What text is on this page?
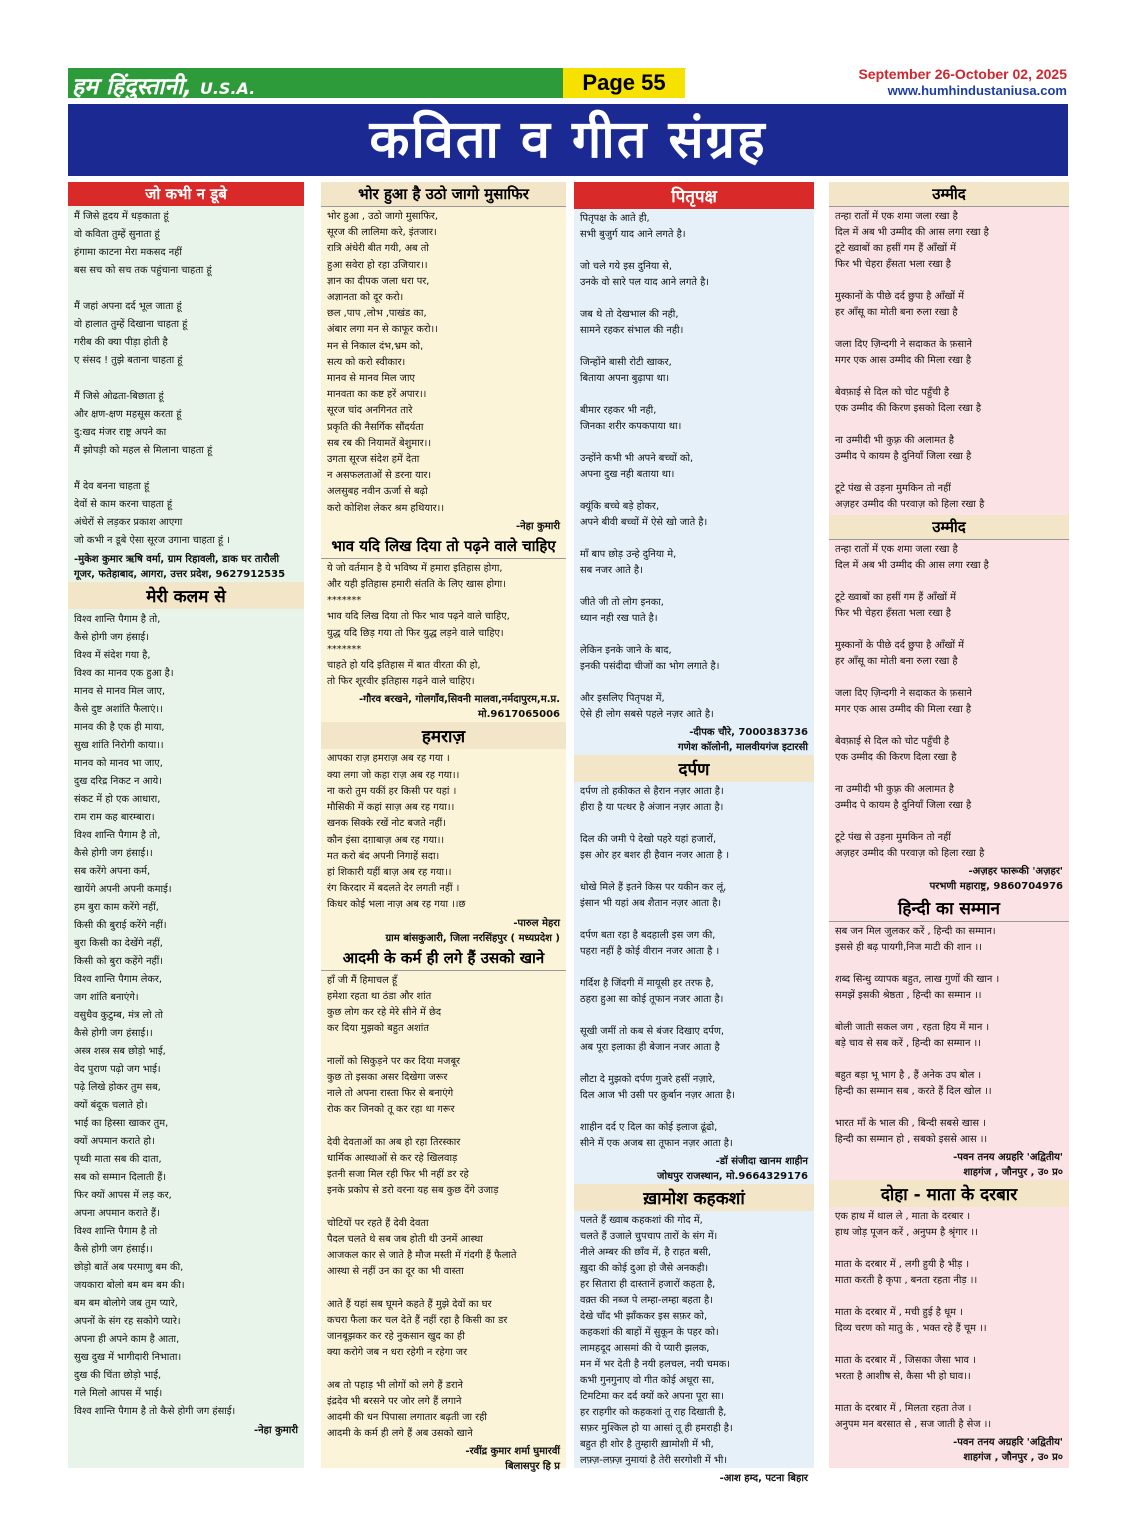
हम हिंदुस्तानी, U.S.A.	Page 55	September 26-October 02, 2025
www.humhindustaniusa.com
कविता व गीत संग्रह
जो कभी न डूबे
मैं जिसे हृदय में धड़काता हूं
वो कविता तुम्हें सुनाता हूं
हंगामा काटना मेरा मकसद नहीं
बस सच को सच तक पहुंचाना चाहता हूं

मैं जहां अपना दर्द भूल जाता हूं
वो हालात तुम्हें दिखाना चाहता हूं
गरीब की क्या पीड़ा होती है
ए संसद ! तुझे बताना चाहता हूं

मैं जिसे ओढता-बिछाता हूं
और क्षण-क्षण महसूस करता हूं
दु:खद मंजर राष्ट्र अपने का
मैं झोपड़ी को महल से मिलाना चाहता हूं

मैं देव बनना चाहता हूं
देवों से काम करना चाहता हूं
अंधेरों से लड़कर प्रकाश आएगा
जो कभी न डूबे ऐसा सूरज उगाना चाहता हूं ।
-मुकेश कुमार ऋषि वर्मा, ग्राम रिहावली, डाक घर तारौली गूजर, फतेहाबाद, आगरा, उत्तर प्रदेश, 9627912535
मेरी कलम से
विश्व शान्ति पैगाम है तो,
कैसे होगी जग हंसाई।
विश्व में संदेश गया है,
विश्व का मानव एक हुआ है।
मानव से मानव मिल जाए,
कैसे दुष्ट अशांति फैलाएं।।
मानव की है एक ही माया,
सुख शांति निरोगी काया।।
मानव को मानव भा जाए,
दुख दरिद्र निकट न आये।
संकट में हो एक आधारा,
राम राम कह बारम्बारा।
विश्व शान्ति पैगाम है तो,
कैसे होगी जग हंसाई।।
सब करेंगे अपना कर्म,
खायेंगे अपनी अपनी कमाई।
हम बुरा काम करेंगे नहीं,
किसी की बुराई करेंगे नहीं।
बुरा किसी का देखेंगे नहीं,
किसी को बुरा कहेंगे नहीं।
विश्व शान्ति पैगाम लेकर,
जग शांति बनाएंगे।
वसुधैव कुटुम्ब, मंत्र लो तो
कैसे होगी जग हंसाई।।
अस्त्र शस्त्र सब छोड़ो भाई,
वेद पुराण पढ़ो जग भाई।
पढ़े लिखे होकर तुम सब,
क्यों बंदूक चलाते हो।
भाई का हिस्सा खाकर तुम,
क्यों अपमान कराते हो।
पृथ्वी माता सब की दाता,
सब को सम्मान दिलाती हैं।
फिर क्यों आपस में लड़ कर,
अपना अपमान कराते हैं।
विश्व शान्ति पैगाम है तो
कैसे होगी जग हंसाई।।
छोड़ो बातें अब परमाणु बम की,
जयकारा बोलो बम बम बम की।
बम बम बोलोगे जब तुम प्यारे,
अपनों के संग रह सकोगे प्यारे।
अपना ही अपने काम है आता,
सुख दुख में भागीदारी निभाता।
दुख की चिंता छोड़ो भाई,
गले मिलो आपस में भाई।
विश्व शान्ति पैगाम है तो कैसे होगी जग हंसाई।
-नेहा कुमारी
भोर हुआ है उठो जागो मुसाफिर
भोर हुआ , उठो जागो मुसाफिर,
सूरज की लालिमा करे, इंतजार।
रात्रि अंधेरी बीत गयी, अब तो
हुआ सवेरा हो रहा उजियार।।
ज्ञान का दीपक जला धरा पर,
अज्ञानता को दूर करो।
छल ,पाप ,लोभ ,पाखंड का,
अंबार लगा मन से काफूर करो।।
मन से निकाल दंभ,भ्रम को,
सत्य को करो स्वीकार।
मानव से मानव मिल जाए
मानवता का कष्ट हरें अपार।।
सूरज चांद अनगिनत तारे
प्रकृति की नैसर्गिक सौंदर्यता
सब रब की नियामतें बेशुमार।।
उगता सूरज संदेश हमें देता
न असफलताओं से डरना यार।
अलसुबह नवीन ऊर्जा से बढ़ो
करो कोशिश लेकर श्रम हथियार।।
-नेहा कुमारी
भाव यदि लिख दिया तो पढ़ने वाले चाहिए
ये जो वर्तमान है ये भविष्य में हमारा इतिहास होगा,
और यही इतिहास हमारी संतति के लिए खास होगा।
*******
भाव यदि लिख दिया तो फिर भाव पढ़ने वाले चाहिए,
युद्ध यदि छिड़ गया तो फिर युद्ध लड़ने वाले चाहिए।
*******
चाहते हो यदि इतिहास में बात वीरता की हो,
तो फिर शूरवीर इतिहास गढ़ने वाले चाहिए।
-गौरव बरखने, गोलगाँव,सिवनी मालवा,नर्मदापुरम,म.प्र. मो.9617065006
हमराज़
आपका राज़ हमराज़ अब रह गया ।
क्या लगा जो कहा राज़ अब रह गया।।
ना करो तुम यकीं हर किसी पर यहां ।
मौसिकी में कहां साज़ अब रह गया।।
खनक सिक्के रखें नोट बजते नहीं।
कौन इंसा दग़ाबाज़ अब रह गया।।
मत करो बंद अपनी निगाहें सदा।
हां शिकारी यहीं बाज़ अब रह गया।।
रंग किरदार में बदलते देर लगती नहीं ।
किधर कोई भला नाज़ अब रह गया ।।छ
-पारुल मेहरा
ग्राम बांसकुआरी, जिला नरसिंहपुर ( मध्यप्रदेश )
आदमी के कर्म ही लगे हैं उसको खाने
हाँ जी मैं हिमाचल हूँ
हमेशा रहता था ठंडा और शांत
कुछ लोग कर रहे मेरे सीने में छेद
कर दिया मुझको बहुत अशांत

नालों को सिकुड़ने पर कर दिया मजबूर
कुछ तो इसका असर दिखेगा जरूर
नाले तो अपना रास्ता फिर से बनाएंगे
रोक कर जिनको तू कर रहा था गरूर

देवी देवताओं का अब हो रहा तिरस्कार
धार्मिक आस्थाओं से कर रहे खिलवाड़
इतनी सजा मिल रही फिर भी नहीं डर रहे
इनके प्रकोप से डरो वरना यह सब कुछ देंगे उजाड़

चोटियों पर रहते हैं देवी देवता
पैदल चलते थे सब जब होती थी उनमें आस्था
आजकल कार से जाते है मौज मस्ती में गंदगी हैं फैलाते
आस्था से नहीं उन का दूर का भी वास्ता

आते हैं यहां सब घूमने कहते हैं मुझे देवों का घर
कचरा फैला कर चल देते हैं नहीं रहा है किसी का डर
जानबूझकर कर रहे नुकसान खुद का ही
क्या करोगे जब न धरा रहेगी न रहेगा जर

अब तो पहाड़ भी लोगों को लगे हैं डराने
इंद्रदेव भी बरसने पर जोर लगे हैं लगाने
आदमी की धन पिपासा लगातार बढ़ती जा रही
आदमी के कर्म ही लगे हैं अब उसको खाने
-रवींद्र कुमार शर्मा घुमारवीं
बिलासपुर हि प्र
पितृपक्ष
पितृपक्ष के आते ही,
सभी बुजुर्ग याद आने लगते है।

जो चले गये इस दुनिया से,
उनके वो सारे पल याद आने लगते है।

जब थे तो देखभाल की नही,
सामने रहकर संभाल की नही।

जिन्होंने बासी रोटी खाकर,
बिताया अपना बुढ़ापा था।

बीमार रहकर भी नही,
जिनका शरीर कपकपाया था।

उन्होंने कभी भी अपने बच्चों को,
अपना दुख नही बताया था।

क्यूंकि बच्चे बड़े होकर,
अपने बीवी बच्चों में ऐसे खो जाते है।

माँ बाप छोड़ उन्हे दुनिया मे,
सब नजर आते है।

जीते जी तो लोग इनका,
ध्यान नही रख पाते है।

लेकिन इनके जाने के बाद,
इनकी पसंदीदा चीजों का भोग लगाते है।

और इसलिए पितृपक्ष में,
ऐसे ही लोग सबसे पहले नज़र आते है।
-दीपक चौरे, 7000383736
गणेश कॉलोनी, मालवीयगंज इटारसी
दर्पण
दर्पण तो हकीकत से हैरान नज़र आता है।
हीरा है या पत्थर है अंजान नज़र आता है।

दिल की जमी पे देखो पहरे यहां हजारों,
इस ओर हर बशर ही हैवान नजर आता है ।

धोखे मिले हैं इतने किस पर यकीन कर लूं,
इंसान भी यहां अब शैतान नज़र आता है।

दर्पण बता रहा है बदहाली इस जग की,
पहरा नहीं है कोई वीरान नजर आता है ।

गर्दिश है जिंदगी में मायूसी हर तरफ है,
ठहरा हुआ सा कोई तूफान नजर आता है।

सूखी जमीं तो कब से बंजर दिखाए दर्पण,
अब पूरा इलाका ही बेजान नजर आता है

लौटा दे मुझको दर्पण गुजरे हसीं नज़ारे,
दिल आज भी उसी पर क़ुर्बान नज़र आता है।

शाहीन दर्द ए दिल का कोई इलाज ढूंढो,
सीने में एक अजब सा तूफान नज़र आता है।
-डॉ संजीदा खानम शाहीन
जोधपुर राजस्थान, मो.9664329176
ख़ामोश कहकशां
पलते हैं ख्वाब कहकशां की गोद में,
चलते हैं उजाले चुपचाप तारों के संग में।
नीले अम्बर की छाँव में, है राहत बसी,
ख़ुदा की कोई दुआ हो जैसे अनकही।
हर सितारा ही दास्तानें हजारों कहता है,
वक़्त की नब्ज पे लम्हा-लम्हा बहता है।
देखे चाँद भी झाँककर इस सफ़र को,
कहकशां की बाहों में सुकून के पहर को।
लामहदूद आसमां की ये प्यारी झलक,
मन में भर देती है नयी हलचल, नयी चमक।
कभी गुनगुनाए वो गीत कोई अधूरा सा,
टिमटिमा कर दर्द क्यों करे अपना पूरा सा।
हर राहगीर को कहकशां तू राह दिखाती है,
सफ़र मुश्किल हो या आसां तू ही हमराही है।
बहुत ही शोर है तुम्हारी ख़ामोशी में भी,
लफ़्ज़-लफ़्ज़ नुमायां है तेरी सरगोशी में भी।
-आश हम्द, पटना बिहार
उम्मीद
तन्हा रातों में एक शमा जला रखा है
दिल में अब भी उम्मीद की आस लगा रखा है
टूटे ख्वाबों का हसीं गम हैं आँखों में
फिर भी चेहरा हँसता भला रखा है

मुस्कानों के पीछे दर्द छुपा है आँखों में
हर आँसू का मोती बना रुला रखा है

जला दिए ज़िन्दगी ने सदाकत के फ़साने
मगर एक आस उम्मीद की मिला रखा है

बेवफ़ाई से दिल को चोट पहुँची है
एक उम्मीद की किरण इसको दिला रखा है

ना उम्मीदी भी कुफ़्र की अलामत है
उम्मीद पे कायम है दुनियाँ जिला रखा है

टूटे पंख से उड़ना मुमकिन तो नहीं
अज़हर उम्मीद की परवाज़ को हिला रखा है
उम्मीद
तन्हा रातों में एक शमा जला रखा है
दिल में अब भी उम्मीद की आस लगा रखा है

टूटे ख्वाबों का हसीं गम हैं आँखों में
फिर भी चेहरा हँसता भला रखा है

मुस्कानों के पीछे दर्द छुपा है आँखों में
हर आँसू का मोती बना रुला रखा है

जला दिए ज़िन्दगी ने सदाकत के फ़साने
मगर एक आस उम्मीद की मिला रखा है

बेवफ़ाई से दिल को चोट पहुँची है
एक उम्मीद की किरण दिला रखा है

ना उम्मीदी भी कुफ़्र की अलामत है
उम्मीद पे कायम है दुनियाँ जिला रखा है

टूटे पंख से उड़ना मुमकिन तो नहीं
अज़हर उम्मीद की परवाज़ को हिला रखा है
-अज़हर फारूकी 'अज़हर'
परभणी महाराष्ट्र, 9860704976
हिन्दी का सम्मान
सब जन मिल जुलकर करें , हिन्दी का सम्मान।
इससे ही बढ़ पायगी,निज माटी की शान ।।

शब्द सिन्धु व्यापक बहुत, लाख गुणों की खान ।
समझें इसकी श्रेष्ठता , हिन्दी का सम्मान ।।

बोली जाती सकल जग , रहता हिय में मान ।
बड़े चाव से सब करें , हिन्दी का सम्मान ।।

बहुत बड़ा भू भाग है , हैं अनेक उप बोल ।
हिन्दी का सम्मान सब , करते हैं दिल खोल ।।

भारत माँ के भाल की , बिन्दी सबसे खास ।
हिन्दी का सम्मान हो , सबको इससे आस ।।
-पवन तनय अग्रहरि 'अद्वितीय'
शाहगंज , जौनपुर , उ० प्र०
दोहा - माता के दरबार
एक हाथ में थाल ले , माता के दरबार ।
हाथ जोड़ पूजन करें , अनुपम है श्रृंगार ।।

माता के दरबार में , लगी हुयी है भीड़ ।
माता करती है कृपा , बनता रहता नीड़ ।।

माता के दरबार में , मची हुई है धूम ।
दिव्य चरण को मातु के , भक्त रहे हैं चूम ।।

माता के दरबार में , जिसका जैसा भाव ।
भरता है आशीष से, कैसा भी हो घाव।।

माता के दरबार में , मिलता रहता तेज ।
अनुपम मन बरसात से , सज जाती है सेज ।।
-पवन तनय अग्रहरि 'अद्वितीय'
शाहगंज , जौनपुर , उ० प्र०
